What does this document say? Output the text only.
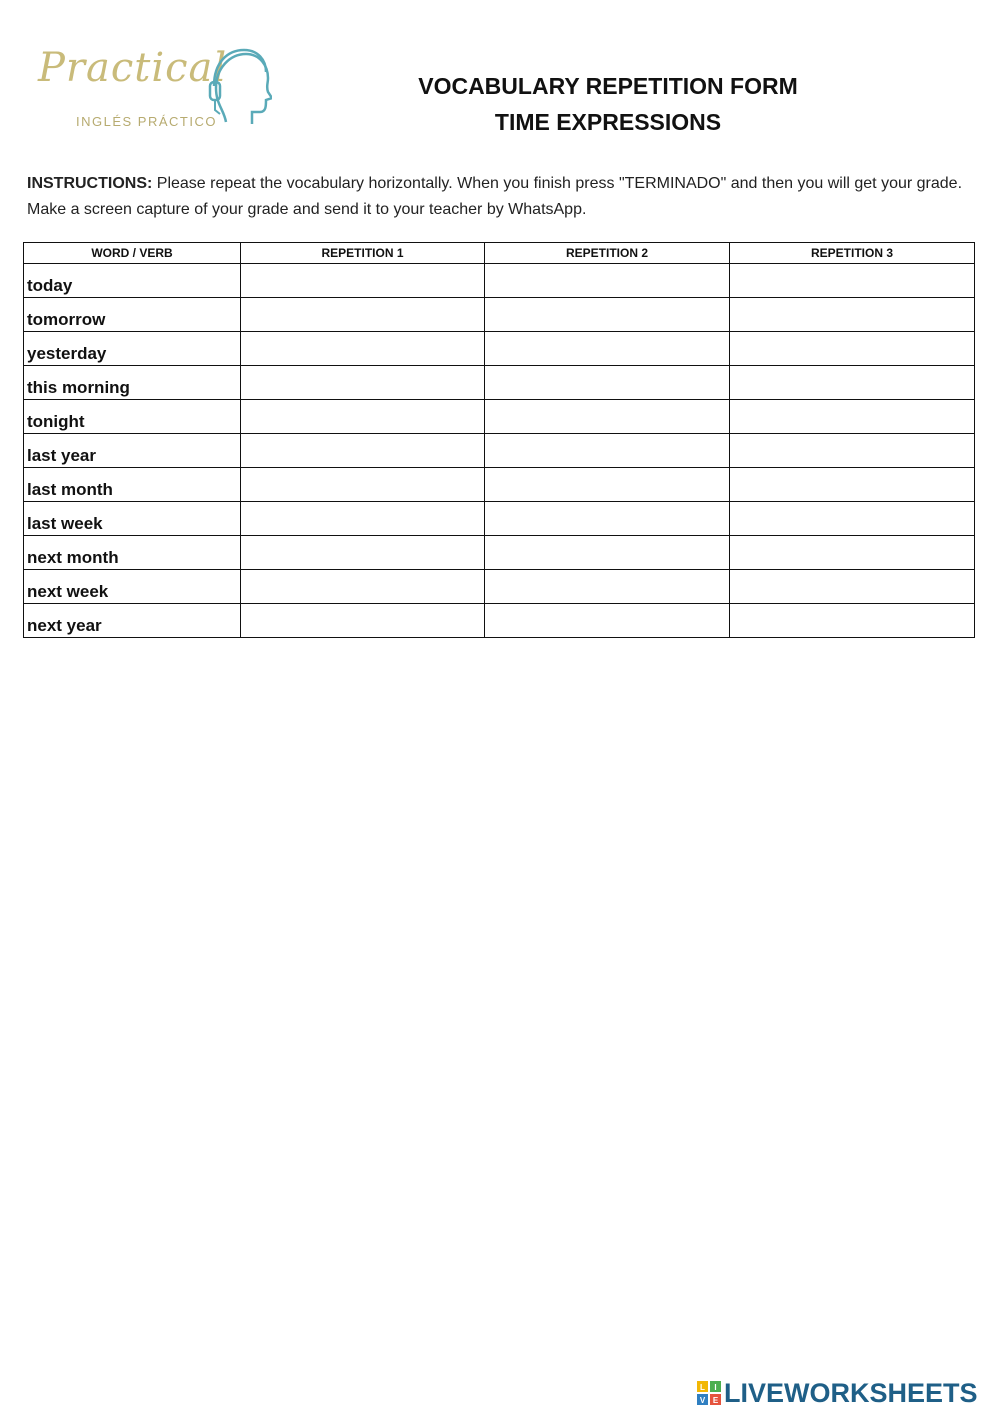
Practical
INGLÉS PRÁCTICO
VOCABULARY REPETITION FORM
TIME EXPRESSIONS
INSTRUCTIONS: Please repeat the vocabulary horizontally. When you finish press "TERMINADO" and then you will get your grade. Make a screen capture of your grade and send it to your teacher by WhatsApp.
WORD / VERB	REPETITION 1	REPETITION 2	REPETITION 3
today			
tomorrow			
yesterday			
this morning			
tonight			
last year			
last month			
last week			
next month			
next week			
next year			
L I
V E LIVEWORKSHEETS
